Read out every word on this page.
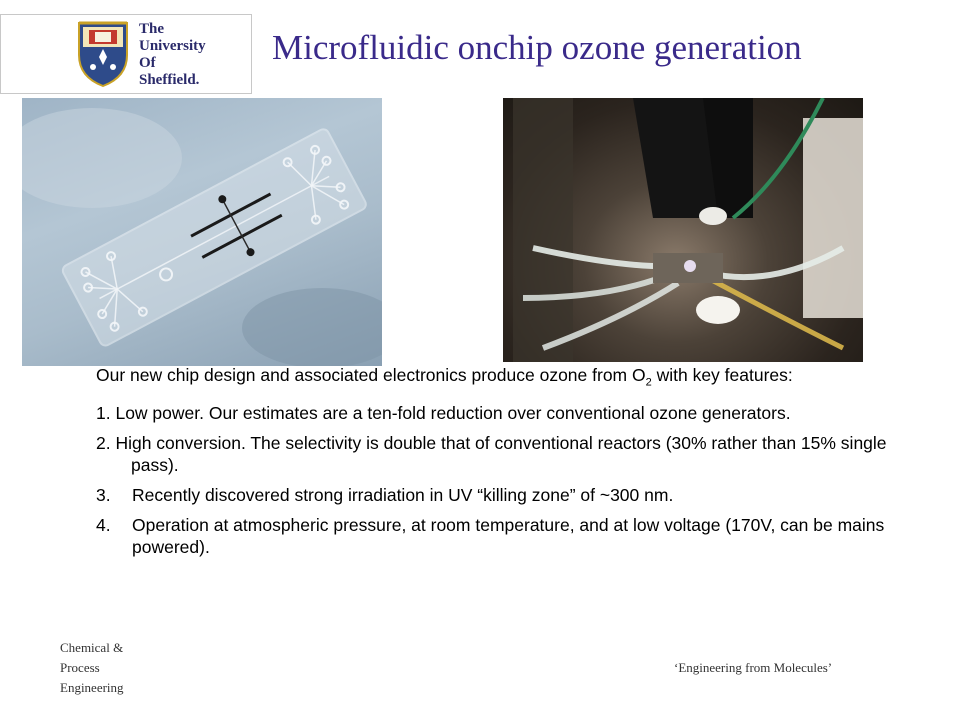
The
University
Of
Sheffield.
Microfluidic onchip ozone generation

Our new chip design and associated electronics produce ozone from $O_2$ with key features:

1. Low power. Our estimates are a ten-fold reduction over conventional ozone generators.

2. High conversion. The selectivity is double that of conventional reactors (30% rather than 15% single pass).

3. Recently discovered strong irradiation in UV “killing zone” of ~300 nm.
4. Operation at atmospheric pressure, at room temperature, and at low voltage (170V, can be mains powered).
Chemical &
Process
Engineering
‘Engineering from Molecules’
